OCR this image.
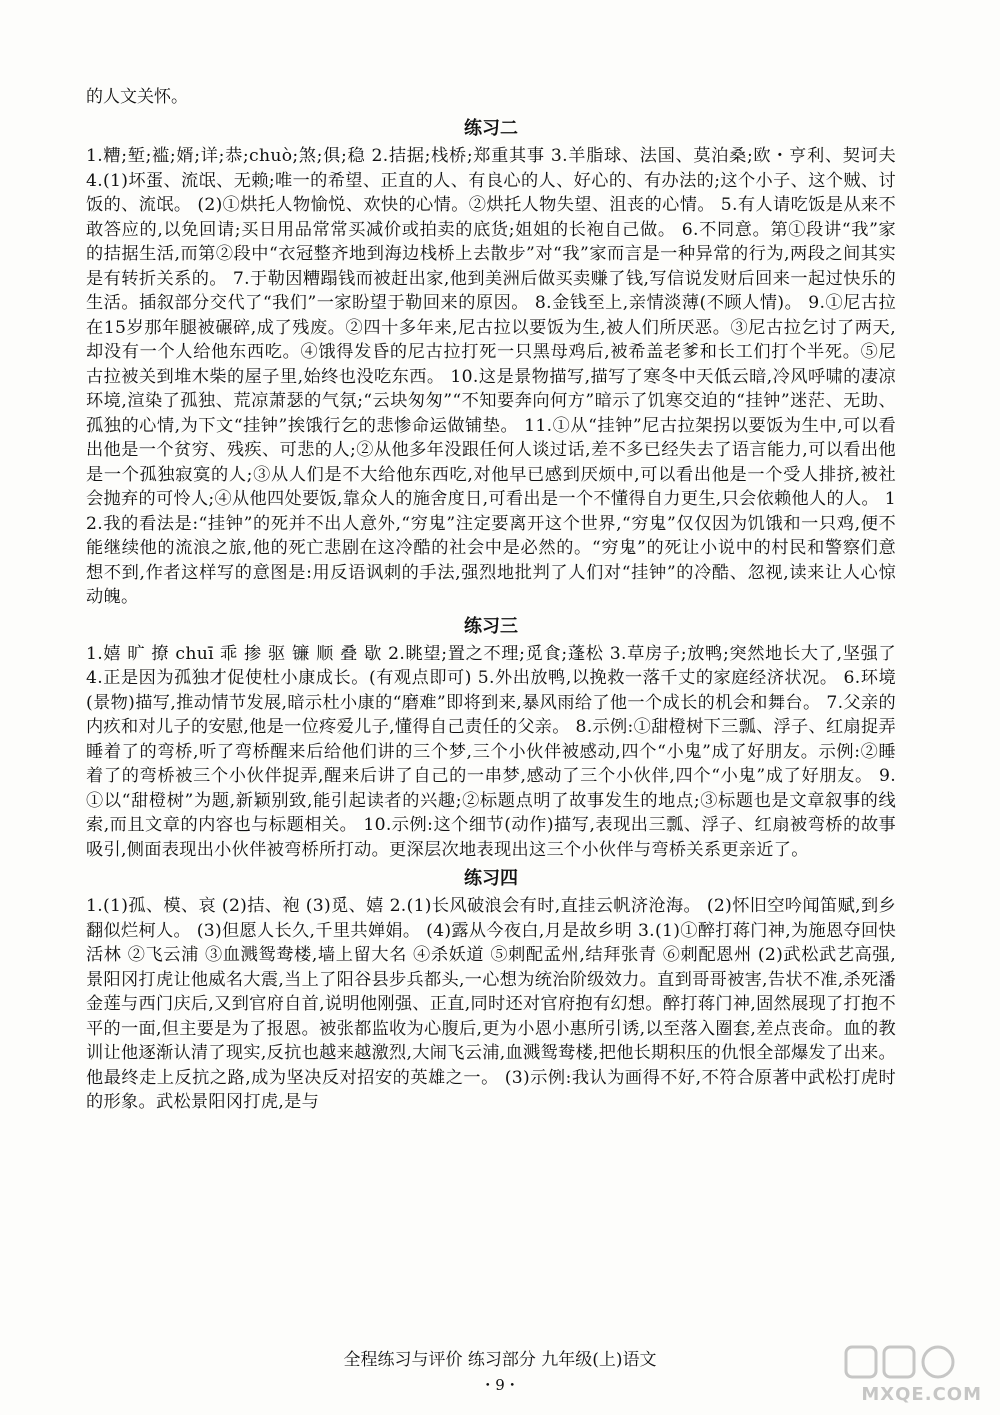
的人文关怀。

练习二

1.糟;堑;褴;婿;详;恭;chuò;煞;俱;稳 2.拮据;栈桥;郑重其事 3.羊脂球、法国、莫泊桑;欧・亨利、契诃夫 4.(1)坏蛋、流氓、无赖;唯一的希望、正直的人、有良心的人、好心的、有办法的;这个小子、这个贼、讨饭的、流氓。 (2)①烘托人物愉悦、欢快的心情。②烘托人物失望、沮丧的心情。 5.有人请吃饭是从来不敢答应的,以免回请;买日用品常常买减价或拍卖的底货;姐姐的长袍自己做。 6.不同意。第①段讲“我”家的拮据生活,而第②段中“衣冠整齐地到海边栈桥上去散步”对“我”家而言是一种异常的行为,两段之间其实是有转折关系的。 7.于勒因糟蹋钱而被赶出家,他到美洲后做买卖赚了钱,写信说发财后回来一起过快乐的生活。插叙部分交代了“我们”一家盼望于勒回来的原因。 8.金钱至上,亲情淡薄(不顾人情)。 9.①尼古拉在15岁那年腿被碾碎,成了残废。②四十多年来,尼古拉以要饭为生,被人们所厌恶。③尼古拉乞讨了两天,却没有一个人给他东西吃。④饿得发昏的尼古拉打死一只黑母鸡后,被希盖老爹和长工们打个半死。⑤尼古拉被关到堆木柴的屋子里,始终也没吃东西。 10.这是景物描写,描写了寒冬中天低云暗,冷风呼啸的凄凉环境,渲染了孤独、荒凉萧瑟的气氛;“云块匆匆”“不知要奔向何方”暗示了饥寒交迫的“挂钟”迷茫、无助、孤独的心情,为下文“挂钟”挨饿行乞的悲惨命运做铺垫。 11.①从“挂钟”尼古拉架拐以要饭为生中,可以看出他是一个贫穷、残疾、可悲的人;②从他多年没跟任何人谈过话,差不多已经失去了语言能力,可以看出他是一个孤独寂寞的人;③从人们是不大给他东西吃,对他早已感到厌烦中,可以看出他是一个受人排挤,被社会抛弃的可怜人;④从他四处要饭,靠众人的施舍度日,可看出是一个不懂得自力更生,只会依赖他人的人。 12.我的看法是:“挂钟”的死并不出人意外,“穷鬼”注定要离开这个世界,“穷鬼”仅仅因为饥饿和一只鸡,便不能继续他的流浪之旅,他的死亡悲剧在这冷酷的社会中是必然的。“穷鬼”的死让小说中的村民和警察们意想不到,作者这样写的意图是:用反语讽刺的手法,强烈地批判了人们对“挂钟”的冷酷、忽视,读来让人心惊动魄。

练习三

1.嬉 旷 撩 chuī 乖 掺 驱 镰 顺 叠 歇 2.眺望;置之不理;觅食;蓬松 3.草房子;放鸭;突然地长大了,坚强了 4.正是因为孤独才促使杜小康成长。(有观点即可) 5.外出放鸭,以挽救一落千丈的家庭经济状况。 6.环境(景物)描写,推动情节发展,暗示杜小康的“磨难”即将到来,暴风雨给了他一个成长的机会和舞台。 7.父亲的内疚和对儿子的安慰,他是一位疼爱儿子,懂得自己责任的父亲。 8.示例:①甜橙树下三瓢、浮子、红扇捉弄睡着了的弯桥,听了弯桥醒来后给他们讲的三个梦,三个小伙伴被感动,四个“小鬼”成了好朋友。示例:②睡着了的弯桥被三个小伙伴捉弄,醒来后讲了自己的一串梦,感动了三个小伙伴,四个“小鬼”成了好朋友。 9.①以“甜橙树”为题,新颖别致,能引起读者的兴趣;②标题点明了故事发生的地点;③标题也是文章叙事的线索,而且文章的内容也与标题相关。 10.示例:这个细节(动作)描写,表现出三瓢、浮子、红扇被弯桥的故事吸引,侧面表现出小伙伴被弯桥所打动。更深层次地表现出这三个小伙伴与弯桥关系更亲近了。

练习四

1.(1)孤、模、哀 (2)拮、袍 (3)觅、嬉 2.(1)长风破浪会有时,直挂云帆济沧海。 (2)怀旧空吟闻笛赋,到乡翻似烂柯人。 (3)但愿人长久,千里共婵娟。 (4)露从今夜白,月是故乡明 3.(1)①醉打蒋门神,为施恩夺回快活林 ②飞云浦 ③血溅鸳鸯楼,墙上留大名 ④杀妖道 ⑤刺配孟州,结拜张青 ⑥刺配恩州 (2)武松武艺高强,景阳冈打虎让他威名大震,当上了阳谷县步兵都头,一心想为统治阶级效力。直到哥哥被害,告状不准,杀死潘金莲与西门庆后,又到官府自首,说明他刚强、正直,同时还对官府抱有幻想。醉打蒋门神,固然展现了打抱不平的一面,但主要是为了报恩。被张都监收为心腹后,更为小恩小惠所引诱,以至落入圈套,差点丧命。血的教训让他逐渐认清了现实,反抗也越来越激烈,大闹飞云浦,血溅鸳鸯楼,把他长期积压的仇恨全部爆发了出来。他最终走上反抗之路,成为坚决反对招安的英雄之一。 (3)示例:我认为画得不好,不符合原著中武松打虎时的形象。武松景阳冈打虎,是与

全程练习与评价 练习部分 九年级(上)语文
・9・	MXQE.COM
